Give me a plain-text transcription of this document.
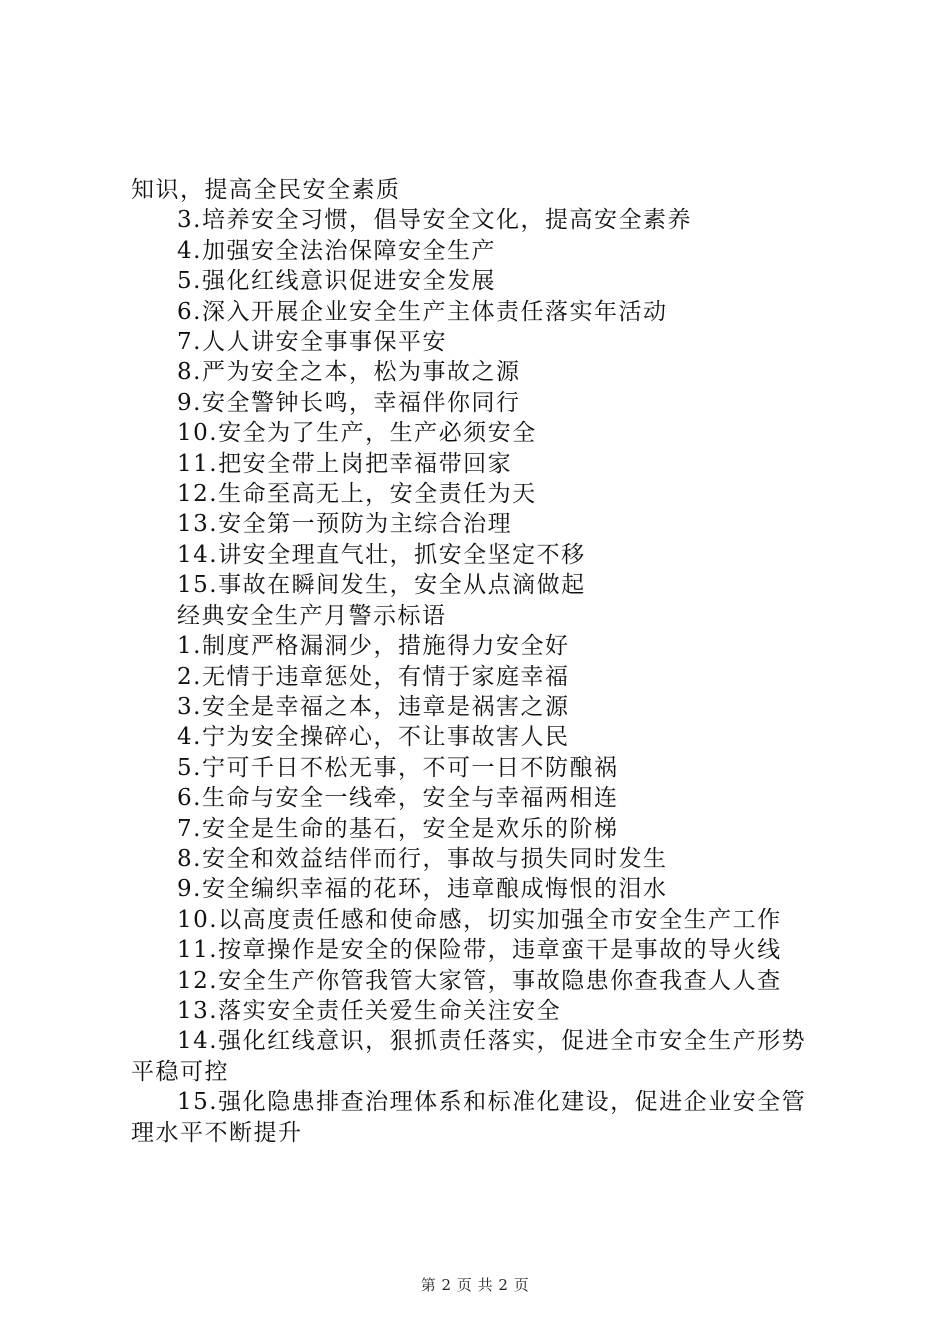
知识，提高全民安全素质

3.培养安全习惯，倡导安全文化，提高安全素养

4.加强安全法治保障安全生产

5.强化红线意识促进安全发展

6.深入开展企业安全生产主体责任落实年活动

7.人人讲安全事事保平安

8.严为安全之本，松为事故之源

9.安全警钟长鸣，幸福伴你同行

10.安全为了生产，生产必须安全

11.把安全带上岗把幸福带回家

12.生命至高无上，安全责任为天

13.安全第一预防为主综合治理

14.讲安全理直气壮，抓安全坚定不移

15.事故在瞬间发生，安全从点滴做起

经典安全生产月警示标语

1.制度严格漏洞少，措施得力安全好

2.无情于违章惩处，有情于家庭幸福

3.安全是幸福之本，违章是祸害之源

4.宁为安全操碎心，不让事故害人民

5.宁可千日不松无事，不可一日不防酿祸

6.生命与安全一线牵，安全与幸福两相连

7.安全是生命的基石，安全是欢乐的阶梯

8.安全和效益结伴而行，事故与损失同时发生

9.安全编织幸福的花环，违章酿成悔恨的泪水

10.以高度责任感和使命感，切实加强全市安全生产工作

11.按章操作是安全的保险带，违章蛮干是事故的导火线

12.安全生产你管我管大家管，事故隐患你查我查人人查

13.落实安全责任关爱生命关注安全

14.强化红线意识，狠抓责任落实，促进全市安全生产形势

平稳可控

15.强化隐患排查治理体系和标准化建设，促进企业安全管

理水平不断提升

第 2 页 共 2 页
